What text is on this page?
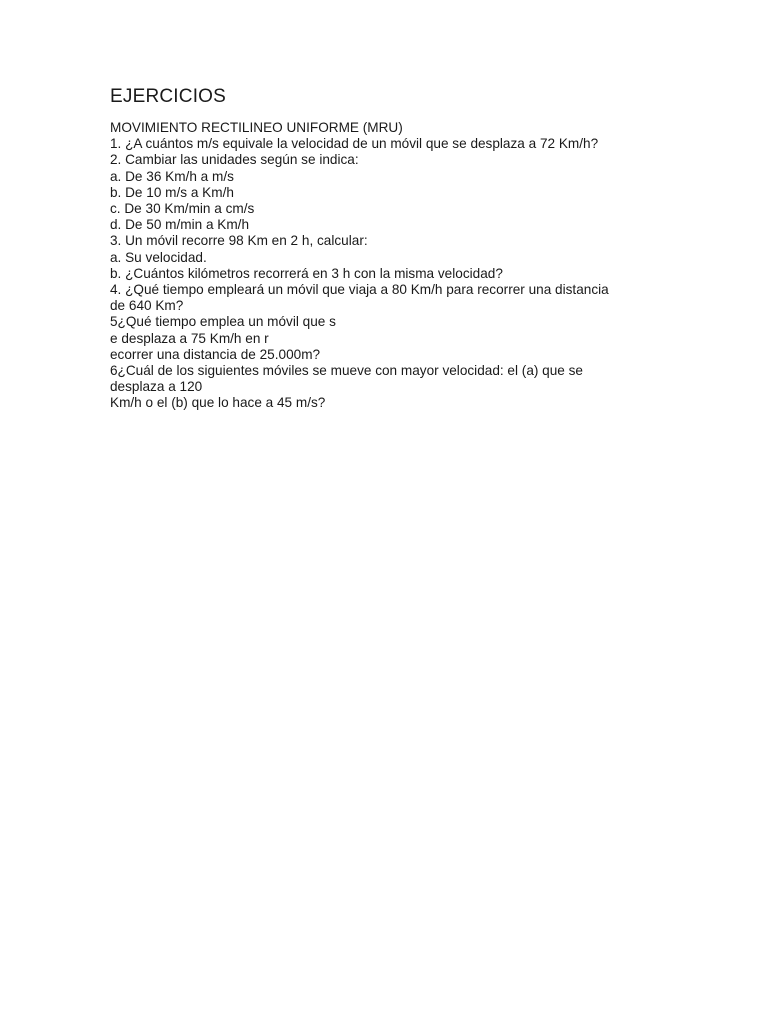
EJERCICIOS

MOVIMIENTO RECTILINEO UNIFORME (MRU)

1. ¿A cuántos m/s equivale la velocidad de un móvil que se desplaza a 72 Km/h?

2. Cambiar las unidades según se indica:

a. De 36 Km/h a m/s

b. De 10 m/s a Km/h

c. De 30 Km/min a cm/s

d. De 50 m/min a Km/h

3. Un móvil recorre 98 Km en 2 h, calcular:

a. Su velocidad.

b. ¿Cuántos kilómetros recorrerá en 3 h con la misma velocidad?

4. ¿Qué tiempo empleará un móvil que viaja a 80 Km/h para recorrer una distancia

de 640 Km?

5¿Qué tiempo emplea un móvil que s

e desplaza a 75 Km/h en r

ecorrer una distancia de 25.000m?

6¿Cuál de los siguientes móviles se mueve con mayor velocidad: el (a) que se

desplaza a 120

Km/h o el (b) que lo hace a 45 m/s?
